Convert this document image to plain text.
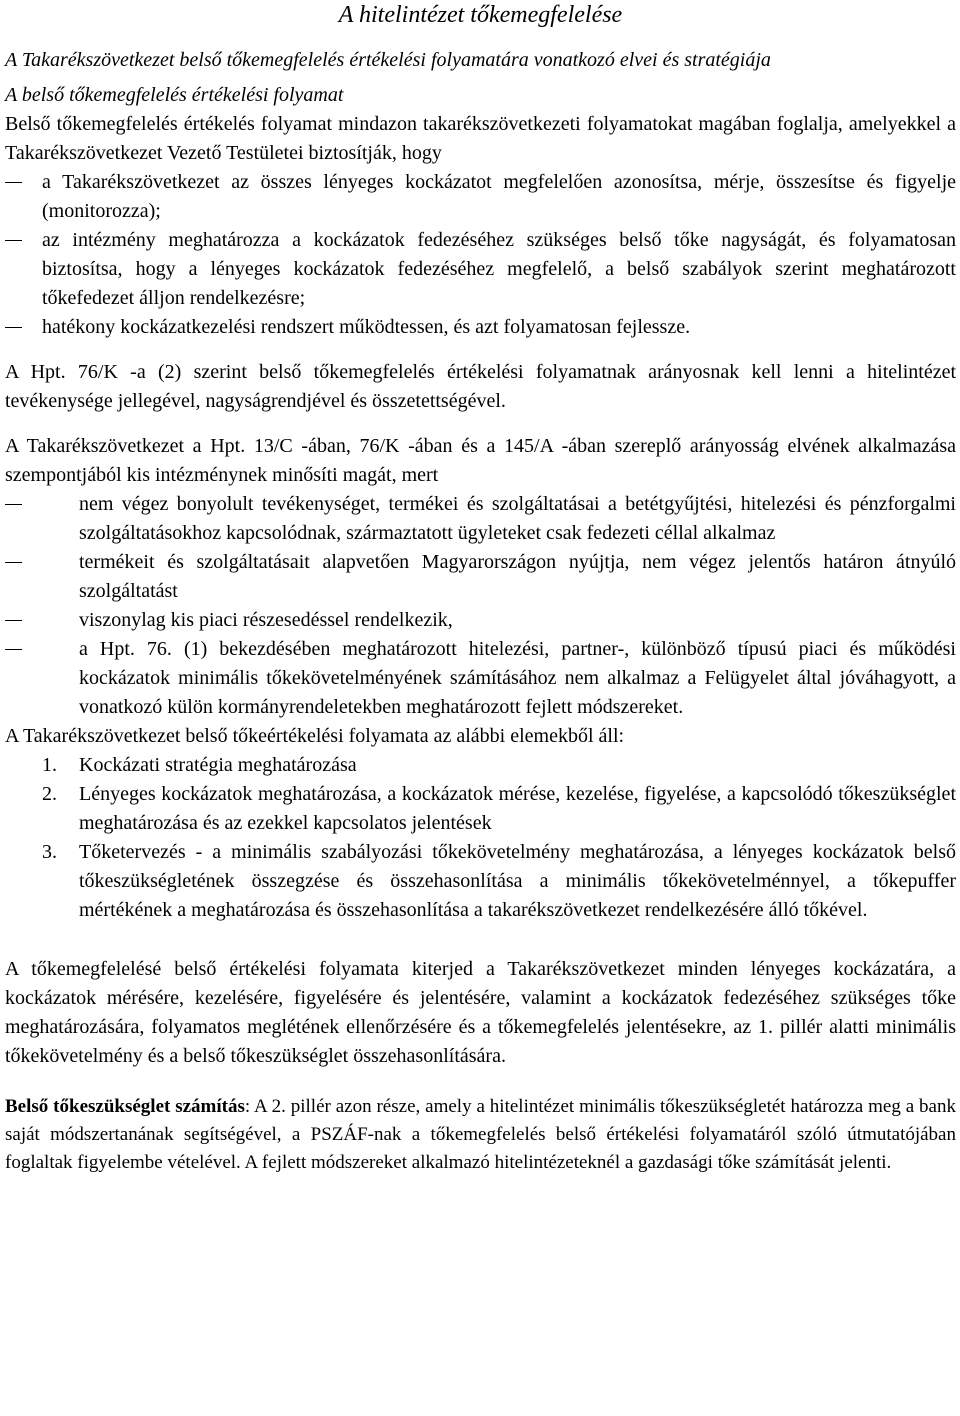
A hitelintézet tőkemegfelelése

A Takarékszövetkezet belső tőkemegfelelés értékelési folyamatára vonatkozó elvei és stratégiája

A belső tőkemegfelelés értékelési folyamat

Belső tőkemegfelelés értékelés folyamat mindazon takarékszövetkezeti folyamatokat magában foglalja, amelyekkel a Takarékszövetkezet Vezető Testületei biztosítják, hogy

a Takarékszövetkezet az összes lényeges kockázatot megfelelően azonosítsa, mérje, összesítse és figyelje (monitorozza);
az intézmény meghatározza a kockázatok fedezéséhez szükséges belső tőke nagyságát, és folyamatosan biztosítsa, hogy a lényeges kockázatok fedezéséhez megfelelő, a belső szabályok szerint meghatározott tőkefedezet álljon rendelkezésre;
hatékony kockázatkezelési rendszert működtessen, és azt folyamatosan fejlessze.

A Hpt. 76/K -a (2) szerint belső tőkemegfelelés értékelési folyamatnak arányosnak kell lenni a hitelintézet tevékenysége jellegével, nagyságrendjével és összetettségével.

A Takarékszövetkezet a Hpt. 13/C -ában, 76/K -ában és a 145/A -ában szereplő arányosság elvének alkalmazása szempontjából kis intézménynek minősíti magát, mert

nem végez bonyolult tevékenységet, termékei és szolgáltatásai a betétgyűjtési, hitelezési és pénzforgalmi szolgáltatásokhoz kapcsolódnak, származtatott ügyleteket csak fedezeti céllal alkalmaz
termékeit és szolgáltatásait alapvetően Magyarországon nyújtja, nem végez jelentős határon átnyúló szolgáltatást
viszonylag kis piaci részesedéssel rendelkezik,
a Hpt. 76. (1) bekezdésében meghatározott hitelezési, partner-, különböző típusú piaci és működési kockázatok minimális tőkekövetelményének számításához nem alkalmaz a Felügyelet által jóváhagyott, a vonatkozó külön kormányrendeletekben meghatározott fejlett módszereket.

A Takarékszövetkezet belső tőkeértékelési folyamata az alábbi elemekből áll:

1. Kockázati stratégia meghatározása
2. Lényeges kockázatok meghatározása, a kockázatok mérése, kezelése, figyelése, a kapcsolódó tőkeszükséglet meghatározása és az ezekkel kapcsolatos jelentések
3. Tőketervezés - a minimális szabályozási tőkekövetelmény meghatározása, a lényeges kockázatok belső tőkeszükségletének összegzése és összehasonlítása a minimális tőkekövetelménnyel, a tőkepuffer mértékének a meghatározása és összehasonlítása a takarékszövetkezet rendelkezésére álló tőkével.

A tőkemegfelelésé belső értékelési folyamata kiterjed a Takarékszövetkezet minden lényeges kockázatára, a kockázatok mérésére, kezelésére, figyelésére és jelentésére, valamint a kockázatok fedezéséhez szükséges tőke meghatározására, folyamatos meglétének ellenőrzésére és a tőkemegfelelés jelentésekre, az 1. pillér alatti minimális tőkekövetelmény és a belső tőkeszükséglet összehasonlítására.

Belső tőkeszükséglet számítás: A 2. pillér azon része, amely a hitelintézet minimális tőkeszükségletét határozza meg a bank saját módszertanának segítségével, a PSZÁF-nak a tőkemegfelelés belső értékelési folyamatáról szóló útmutatójában foglaltak figyelembe vételével. A fejlett módszereket alkalmazó hitelintézeteknél a gazdasági tőke számítását jelenti.
